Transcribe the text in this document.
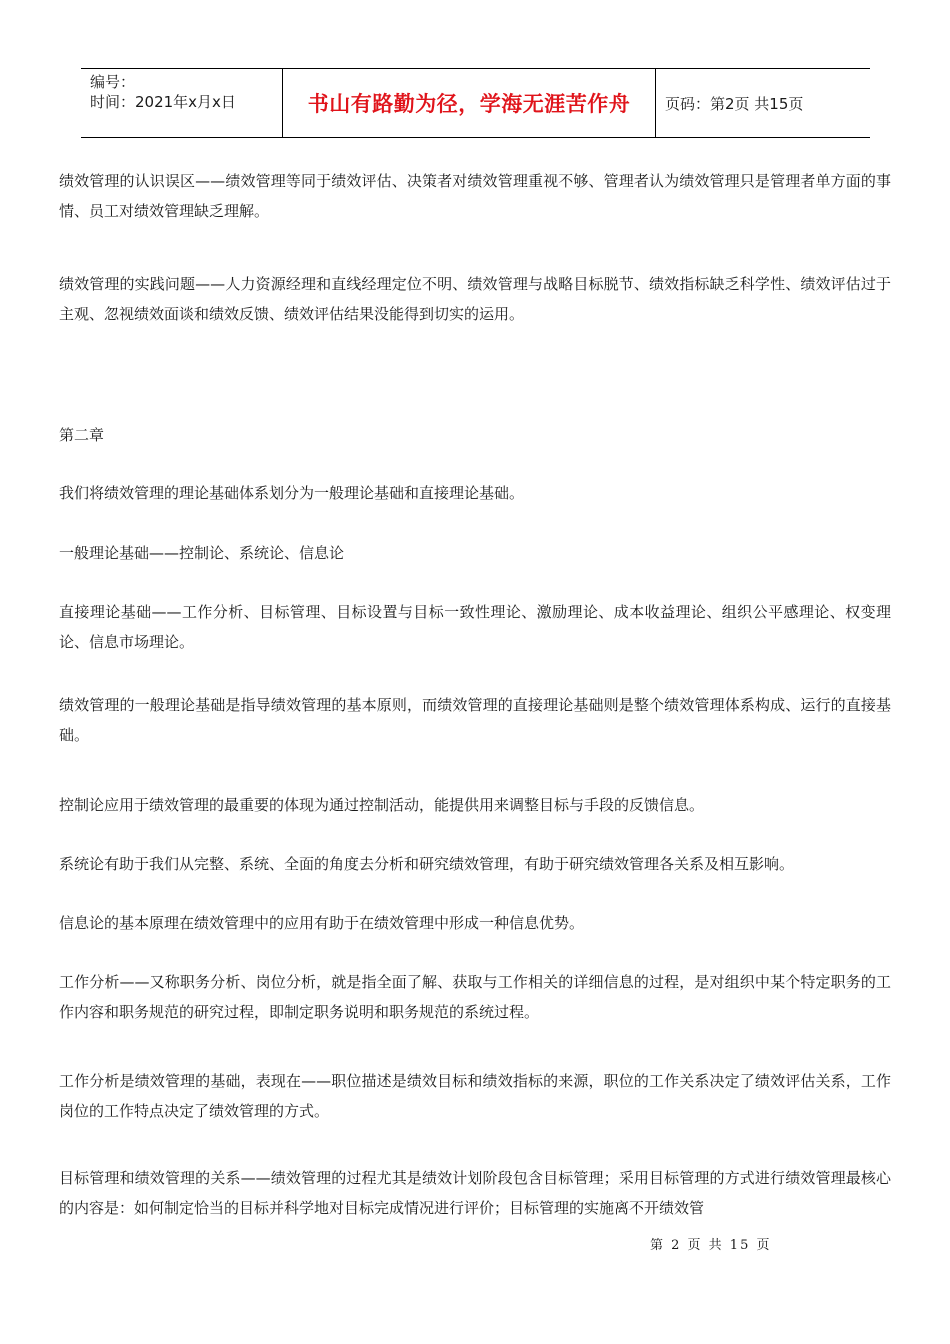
编号：
时间：2021年x月x日	书山有路勤为径，学海无涯苦作舟	页码：第2页 共15页

绩效管理的认识误区——绩效管理等同于绩效评估、决策者对绩效管理重视不够、管理者认为绩效管理只是管理者单方面的事情、员工对绩效管理缺乏理解。

绩效管理的实践问题——人力资源经理和直线经理定位不明、绩效管理与战略目标脱节、绩效指标缺乏科学性、绩效评估过于主观、忽视绩效面谈和绩效反馈、绩效评估结果没能得到切实的运用。

第二章

我们将绩效管理的理论基础体系划分为一般理论基础和直接理论基础。

一般理论基础——控制论、系统论、信息论

直接理论基础——工作分析、目标管理、目标设置与目标一致性理论、激励理论、成本收益理论、组织公平感理论、权变理论、信息市场理论。

绩效管理的一般理论基础是指导绩效管理的基本原则，而绩效管理的直接理论基础则是整个绩效管理体系构成、运行的直接基础。

控制论应用于绩效管理的最重要的体现为通过控制活动，能提供用来调整目标与手段的反馈信息。

系统论有助于我们从完整、系统、全面的角度去分析和研究绩效管理，有助于研究绩效管理各关系及相互影响。

信息论的基本原理在绩效管理中的应用有助于在绩效管理中形成一种信息优势。

工作分析——又称职务分析、岗位分析，就是指全面了解、获取与工作相关的详细信息的过程，是对组织中某个特定职务的工作内容和职务规范的研究过程，即制定职务说明和职务规范的系统过程。

工作分析是绩效管理的基础，表现在——职位描述是绩效目标和绩效指标的来源，职位的工作关系决定了绩效评估关系，工作岗位的工作特点决定了绩效管理的方式。

目标管理和绩效管理的关系——绩效管理的过程尤其是绩效计划阶段包含目标管理；采用目标管理的方式进行绩效管理最核心的内容是：如何制定恰当的目标并科学地对目标完成情况进行评价；目标管理的实施离不开绩效管

第 2 页 共 15 页
